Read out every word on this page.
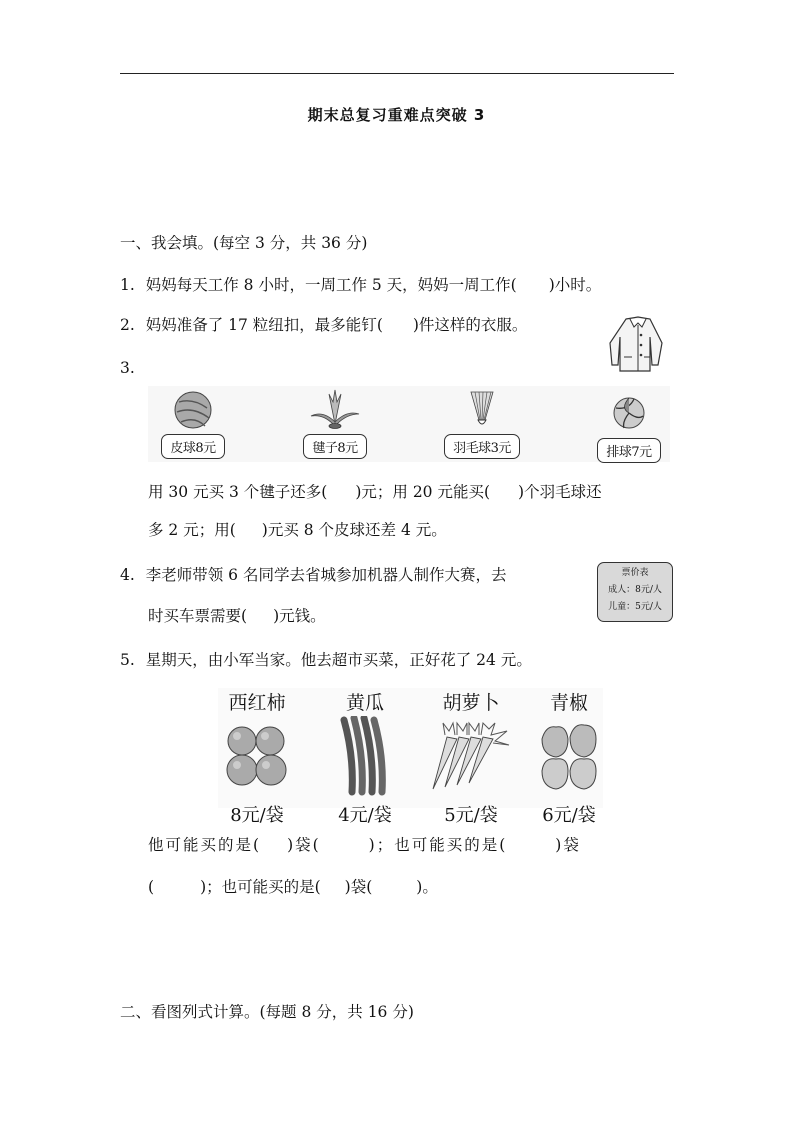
期末总复习重难点突破 3
一、我会填。(每空 3 分，共 36 分)
1. 妈妈每天工作 8 小时，一周工作 5 天，妈妈一周工作( )小时。
2. 妈妈准备了 17 粒纽扣，最多能钉( )件这样的衣服。
3.
皮球8元	毽子8元	羽毛球3元	排球7元
用 30 元买 3 个毽子还多( )元；用 20 元能买( )个羽毛球还
多 2 元；用( )元买 8 个皮球还差 4 元。
4. 李老师带领 6 名同学去省城参加机器人制作大赛，去
时买车票需要( )元钱。
票价表
成人：8元/人
儿童：5元/人
5. 星期天，由小军当家。他去超市买菜，正好花了 24 元。
西红柿
8元/袋
黄瓜
4元/袋
胡萝卜
5元/袋
青椒
6元/袋
他可能买的是( )袋(	)；也可能买的是(	)袋
(	)；也可能买的是( )袋(	)。
二、看图列式计算。(每题 8 分，共 16 分)
